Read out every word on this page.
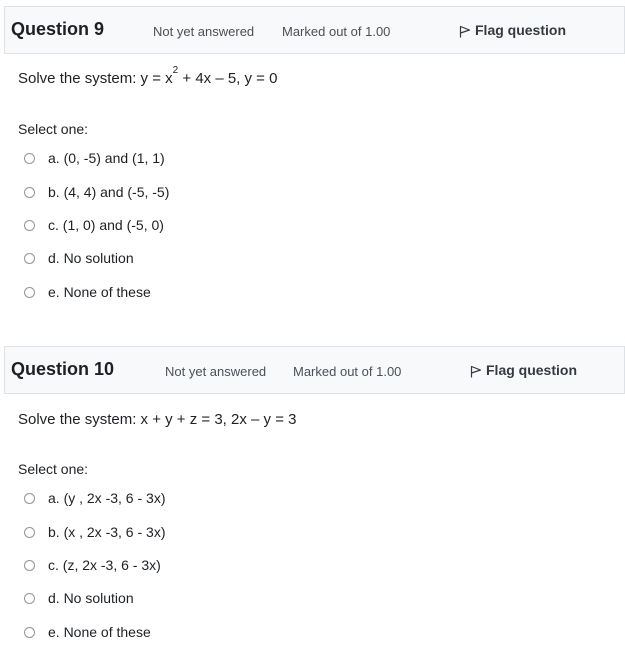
Question 9	Not yet answered Marked out of 1.00	Flag question
Solve the system: $y = x^2 + 4x - 5$, y = 0
Select one:
a. (0, -5) and (1, 1)
b. (4, 4) and (-5, -5)
c. (1, 0) and (-5, 0)
d. No solution
e. None of these
Question 10	Not yet answered Marked out of 1.00	Flag question
Solve the system: x + y + z = 3, 2x – y = 3
Select one:
a. (y , 2x -3, 6 - 3x)
b. (x , 2x -3, 6 - 3x)
c. (z, 2x -3, 6 - 3x)
d. No solution
e. None of these
